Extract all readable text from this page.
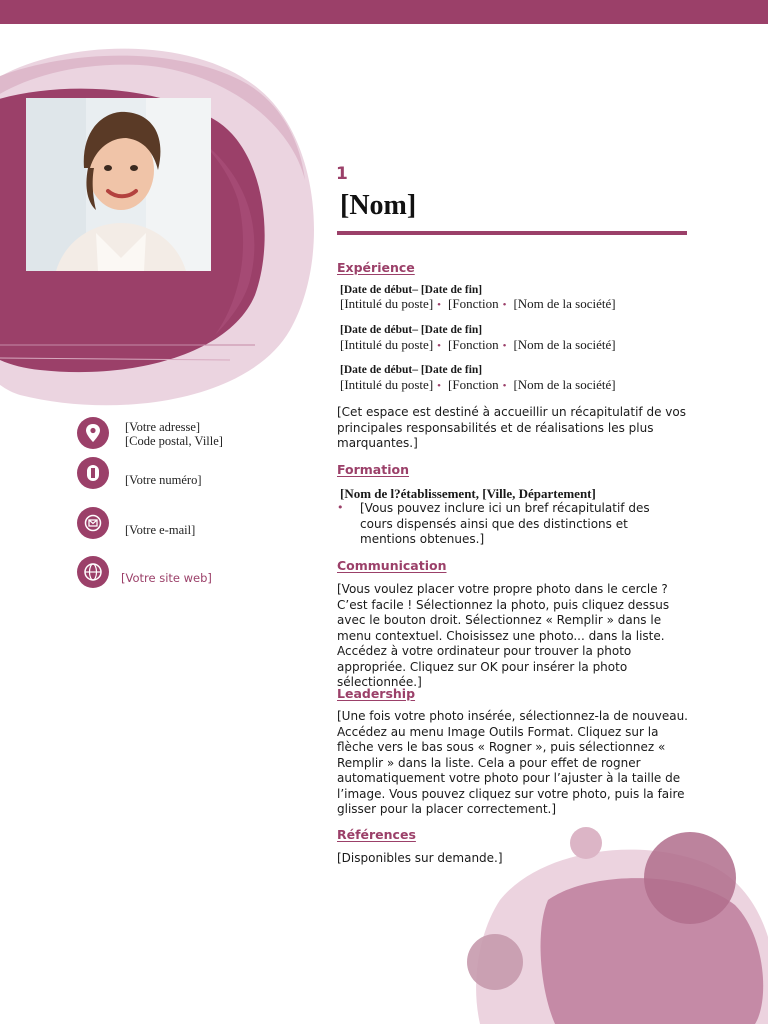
[Votre adresse]
[Code postal, Ville]
[Votre numéro]
[Votre e-mail]
[Votre site web]
1
[Nom]
Expérience
[Date de début– [Date de fin]
[Intitulé du poste] • [Fonction • [Nom de la société]
[Date de début– [Date de fin]
[Intitulé du poste] • [Fonction • [Nom de la société]
[Date de début– [Date de fin]
[Intitulé du poste] • [Fonction • [Nom de la société]
[Cet espace est destiné à accueillir un récapitulatif de vos principales responsabilités et de réalisations les plus marquantes.]
Formation
[Nom de l?établissement, [Ville, Département]
• [Vous pouvez inclure ici un bref récapitulatif des cours dispensés ainsi que des distinctions et mentions obtenues.]
Communication
[Vous voulez placer votre propre photo dans le cercle ? C’est facile ! Sélectionnez la photo, puis cliquez dessus avec le bouton droit. Sélectionnez « Remplir » dans le menu contextuel. Choisissez une photo... dans la liste. Accédez à votre ordinateur pour trouver la photo appropriée. Cliquez sur OK pour insérer la photo sélectionnée.]
Leadership
[Une fois votre photo insérée, sélectionnez-la de nouveau. Accédez au menu Image Outils Format. Cliquez sur la flèche vers le bas sous « Rogner », puis sélectionnez « Remplir » dans la liste. Cela a pour effet de rogner automatiquement votre photo pour l’ajuster à la taille de l’image. Vous pouvez cliquez sur votre photo, puis la faire glisser pour la placer correctement.]
Références
[Disponibles sur demande.]
